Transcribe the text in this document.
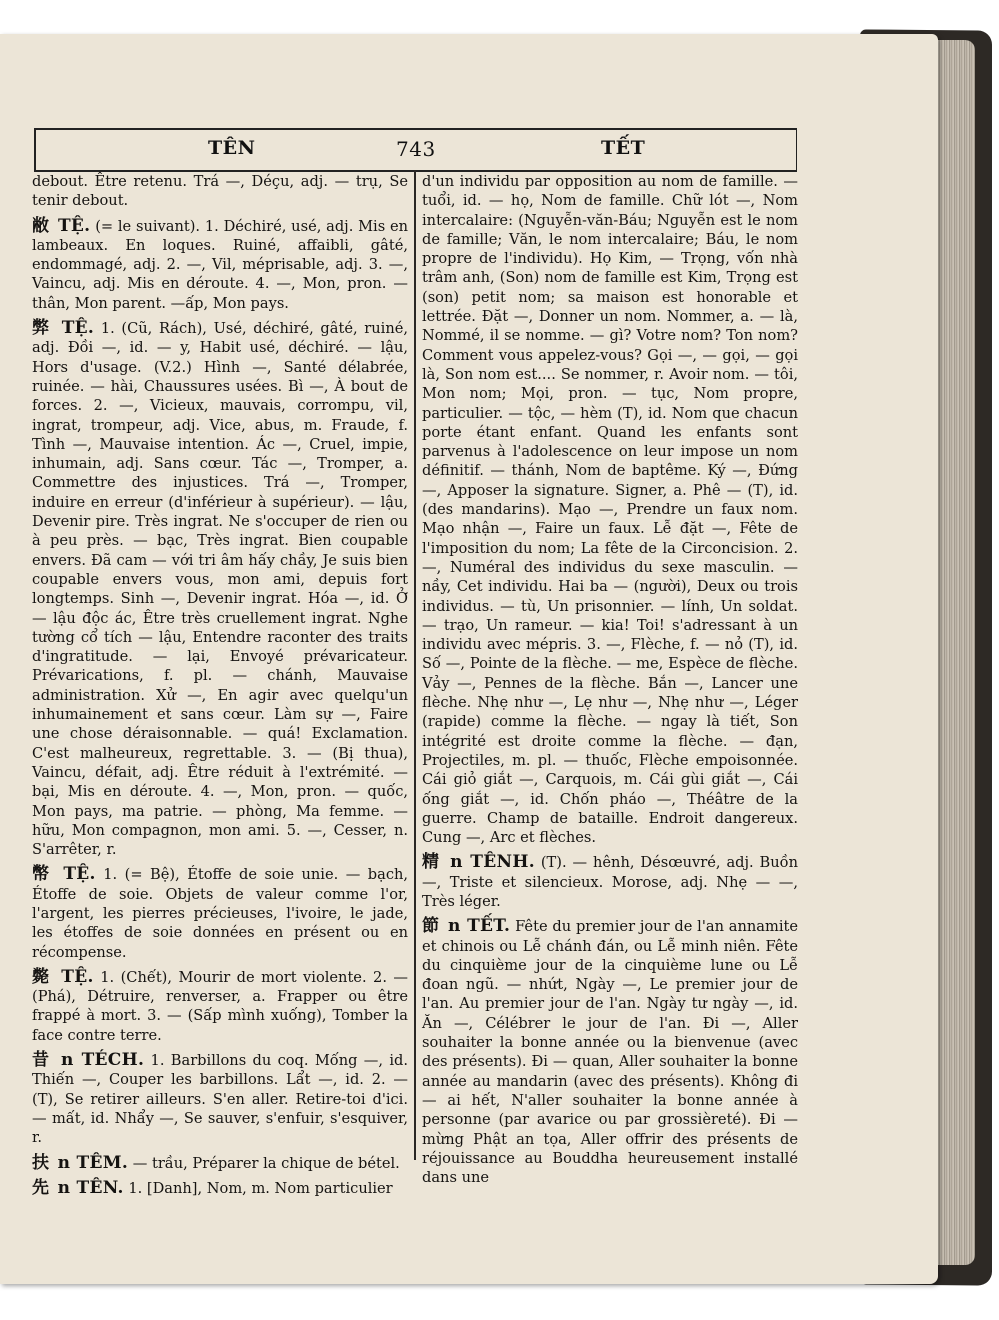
TÊN	743	TẾT

debout. Être retenu. Trá —, Déçu, adj. — trụ, Se tenir debout.

敝 TỆ. (= le suivant). 1. Déchiré, usé, adj. Mis en lambeaux. En loques. Ruiné, affaibli, gâté, endommagé, adj. 2. —, Vil, méprisable, adj. 3. —, Vaincu, adj. Mis en déroute. 4. —, Mon, pron. — thân, Mon parent. —ấp, Mon pays.

弊 TỆ. 1. (Cũ, Rách), Usé, déchiré, gâté, ruiné, adj. Đồi —, id. — y, Habit usé, déchiré. — lậu, Hors d'usage. (V.2.) Hình —, Santé délabrée, ruinée. — hài, Chaussures usées. Bì —, À bout de forces. 2. —, Vicieux, mauvais, corrompu, vil, ingrat, trompeur, adj. Vice, abus, m. Fraude, f. Tình —, Mauvaise intention. Ác —, Cruel, impie, inhumain, adj. Sans cœur. Tác —, Tromper, a. Commettre des injustices. Trá —, Tromper, induire en erreur (d'inférieur à supérieur). — lậu, Devenir pire. Très ingrat. Ne s'occuper de rien ou à peu près. — bạc, Très ingrat. Bien coupable envers. Đã cam — với tri âm hấy chầy, Je suis bien coupable envers vous, mon ami, depuis fort longtemps. Sinh —, Devenir ingrat. Hóa —, id. Ở — lậu độc ác, Être très cruellement ingrat. Nghe tường cổ tích — lậu, Entendre raconter des traits d'ingratitude. — lại, Envoyé prévaricateur. Prévarications, f. pl. — chánh, Mauvaise administration. Xử —, En agir avec quelqu'un inhumainement et sans cœur. Làm sự —, Faire une chose déraisonnable. — quá! Exclamation. C'est malheureux, regrettable. 3. — (Bị thua), Vaincu, défait, adj. Être réduit à l'extrémité. — bại, Mis en déroute. 4. —, Mon, pron. — quốc, Mon pays, ma patrie. — phòng, Ma femme. — hữu, Mon compagnon, mon ami. 5. —, Cesser, n. S'arrêter, r.

幣 TỆ. 1. (= Bệ), Étoffe de soie unie. — bạch, Étoffe de soie. Objets de valeur comme l'or, l'argent, les pierres précieuses, l'ivoire, le jade, les étoffes de soie données en présent ou en récompense.

斃 TỆ. 1. (Chết), Mourir de mort violente. 2. — (Phá), Détruire, renverser, a. Frapper ou être frappé à mort. 3. — (Sấp mình xuống), Tomber la face contre terre.

昔 n TÉCH. 1. Barbillons du coq. Mống —, id. Thiến —, Couper les barbillons. Lẩt —, id. 2. — (T), Se retirer ailleurs. S'en aller. Retire-toi d'ici. — mất, id. Nhẩy —, Se sauver, s'enfuir, s'esquiver, r.

扶 n TÊM. — trầu, Préparer la chique de bétel.

先 n TÊN. 1. [Danh], Nom, m. Nom particulier

d'un individu par opposition au nom de famille. — tuổi, id. — họ, Nom de famille. Chữ lót —, Nom intercalaire: (Nguyễn-văn-Báu; Nguyễn est le nom de famille; Văn, le nom intercalaire; Báu, le nom propre de l'individu). Họ Kim, — Trọng, vốn nhà trâm anh, (Son) nom de famille est Kim, Trọng est (son) petit nom; sa maison est honorable et lettrée. Đặt —, Donner un nom. Nommer, a. — là, Nommé, il se nomme. — gì? Votre nom? Ton nom? Comment vous appelez-vous? Gọi —, — gọi, — gọi là, Son nom est.... Se nommer, r. Avoir nom. — tôi, Mon nom; Mọi, pron. — tục, Nom propre, particulier. — tộc, — hèm (T), id. Nom que chacun porte étant enfant. Quand les enfants sont parvenus à l'adolescence on leur impose un nom définitif. — thánh, Nom de baptême. Ký —, Đứng —, Apposer la signature. Signer, a. Phê — (T), id. (des mandarins). Mạo —, Prendre un faux nom. Mạo nhận —, Faire un faux. Lễ đặt —, Fête de l'imposition du nom; La fête de la Circoncision. 2. —, Numéral des individus du sexe masculin. — nầy, Cet individu. Hai ba — (người), Deux ou trois individus. — tù, Un prisonnier. — lính, Un soldat. — trạo, Un rameur. — kia! Toi! s'adressant à un individu avec mépris. 3. —, Flèche, f. — nỏ (T), id. Số —, Pointe de la flèche. — me, Espèce de flèche. Vảy —, Pennes de la flèche. Bắn —, Lancer une flèche. Nhẹ như —, Lẹ như —, Nhẹ như —, Léger (rapide) comme la flèche. — ngay là tiết, Son intégrité est droite comme la flèche. — đạn, Projectiles, m. pl. — thuốc, Flèche empoisonnée. Cái giỏ giắt —, Carquois, m. Cái gùi giắt —, Cái ống giắt —, id. Chốn pháo —, Théâtre de la guerre. Champ de bataille. Endroit dangereux. Cung —, Arc et flèches.

精 n TÊNH. (T). — hênh, Désœuvré, adj. Buồn —, Triste et silencieux. Morose, adj. Nhẹ — —, Très léger.

節 n TẾT. Fête du premier jour de l'an annamite et chinois ou Lễ chánh đán, ou Lễ minh niên. Fête du cinquième jour de la cinquième lune ou Lễ đoan ngũ. — nhứt, Ngày —, Le premier jour de l'an. Au premier jour de l'an. Ngày tư ngày —, id. Ăn —, Célébrer le jour de l'an. Đi —, Aller souhaiter la bonne année ou la bienvenue (avec des présents). Đi — quan, Aller souhaiter la bonne année au mandarin (avec des présents). Không đi — ai hết, N'aller souhaiter la bonne année à personne (par avarice ou par grossièreté). Đi — mừng Phật an tọa, Aller offrir des présents de réjouissance au Bouddha heureusement installé dans une
